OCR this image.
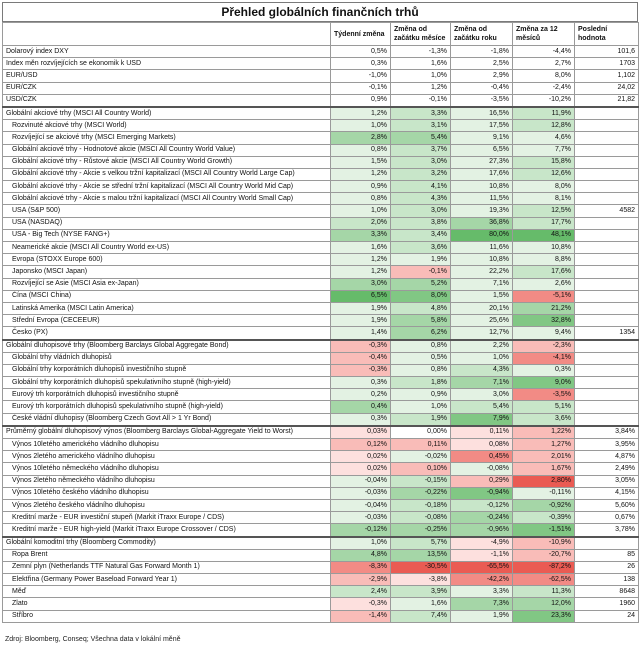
Přehled globálních finančních trhů
	Týdenní změna	Změna od začátku měsíce	Změna od začátku roku	Změna za 12 měsíců	Poslední hodnota
Dolarový index DXY	0,5%	-1,3%	-1,8%	-4,4%	101,6
Index měn rozvíjejících se ekonomik k USD	0,3%	1,6%	2,5%	2,7%	1703
EUR/USD	-1,0%	1,0%	2,9%	8,0%	1,102
EUR/CZK	-0,1%	1,2%	-0,4%	-2,4%	24,02
USD/CZK	0,9%	-0,1%	-3,5%	-10,2%	21,82
Globální akciové trhy (MSCI All Country World)	1,2%	3,3%	16,5%	11,9%	
Rozvinuté akciové trhy (MSCI World)	1,0%	3,1%	17,5%	12,8%	
Rozvíjející se akciové trhy (MSCI Emerging Markets)	2,8%	5,4%	9,1%	4,6%	
Globální akciové trhy - Hodnotové akcie (MSCI All Country World Value)	0,8%	3,7%	6,5%	7,7%	
Globální akciové trhy - Růstové akcie (MSCI All Country World Growth)	1,5%	3,0%	27,3%	15,8%	
Globální akciové trhy - Akcie s velkou tržní kapitalizací (MSCI All Country World Large Cap)	1,2%	3,2%	17,6%	12,6%	
Globální akciové trhy - Akcie se střední tržní kapitalizací (MSCI All Country World Mid Cap)	0,9%	4,1%	10,8%	8,0%	
Globální akciové trhy - Akcie s malou tržní kapitalizací (MSCI All Country World Small Cap)	0,8%	4,3%	11,5%	8,1%	
USA (S&P 500)	1,0%	3,0%	19,3%	12,5%	4582
USA (NASDAQ)	2,0%	3,8%	36,8%	17,7%	
USA - Big Tech (NYSE FANG+)	3,3%	3,4%	80,0%	48,1%	
Neamerické akcie (MSCI All Country World ex-US)	1,6%	3,6%	11,6%	10,8%	
Evropa (STOXX Europe 600)	1,2%	1,9%	10,8%	8,8%	
Japonsko (MSCI Japan)	1,2%	-0,1%	22,2%	17,6%	
Rozvíjející se Asie (MSCI Asia ex-Japan)	3,0%	5,2%	7,1%	2,6%	
Čína (MSCI China)	6,5%	8,0%	1,5%	-5,1%	
Latinská Amerika (MSCI Latin America)	1,9%	4,8%	20,1%	21,2%	
Střední Evropa (CECEEUR)	1,9%	5,8%	25,6%	32,8%	
Česko (PX)	1,4%	6,2%	12,7%	9,4%	1354
Globální dluhopisové trhy (Bloomberg Barclays Global Aggregate Bond)	-0,3%	0,8%	2,2%	-2,3%	
Globální trhy vládních dluhopisů	-0,4%	0,5%	1,0%	-4,1%	
Globální trhy korporátních dluhopisů investičního stupně	-0,3%	0,8%	4,3%	0,3%	
Globální trhy korporátních dluhopisů spekulativního stupně (high-yield)	0,3%	1,8%	7,1%	9,0%	
Eurový trh korporátních dluhopisů investičního stupně	0,2%	0,9%	3,0%	-3,5%	
Eurový trh korporátních dluhopisů spekulativního stupně (high-yield)	0,4%	1,0%	5,4%	5,1%	
České vládní dluhopisy (Bloomberg Czech Govt All > 1 Yr Bond)	0,3%	1,9%	7,9%	3,6%	
Průměrný globální dluhopisový výnos (Bloomberg Barclays Global-Aggregate Yield to Worst)	0,03%	0,00%	0,11%	1,22%	3,84%
Výnos 10letého amerického vládního dluhopisu	0,12%	0,11%	0,08%	1,27%	3,95%
Výnos 2letého amerického vládního dluhopisu	0,02%	-0,02%	0,45%	2,01%	4,87%
Výnos 10letého německého vládního dluhopisu	0,02%	0,10%	-0,08%	1,67%	2,49%
Výnos 2letého německého vládního dluhopisu	-0,04%	-0,15%	0,29%	2,80%	3,05%
Výnos 10letého českého vládního dluhopisu	-0,03%	-0,22%	-0,94%	-0,11%	4,15%
Výnos 2letého českého vládního dluhopisu	-0,04%	-0,18%	-0,12%	-0,92%	5,60%
Kreditní marže - EUR investiční stupeň (Markit iTraxx Europe / CDS)	-0,03%	-0,08%	-0,24%	-0,39%	0,67%
Kreditní marže - EUR high-yield (Markit iTraxx Europe Crossover / CDS)	-0,12%	-0,25%	-0,96%	-1,51%	3,78%
Globální komoditní trhy (Bloomberg Commodity)	1,0%	5,7%	-4,9%	-10,9%	
Ropa Brent	4,8%	13,5%	-1,1%	-20,7%	85
Zemní plyn (Netherlands TTF Natural Gas Forward Month 1)	-8,3%	-30,5%	-65,5%	-87,2%	26
Elektřina (Germany Power Baseload Forward Year 1)	-2,9%	-3,8%	-42,2%	-62,5%	138
Měď	2,4%	3,9%	3,3%	11,3%	8648
Zlato	-0,3%	1,6%	7,3%	12,0%	1960
Stříbro	-1,4%	7,4%	1,9%	23,3%	24
Zdroj: Bloomberg, Conseq; Všechna data v lokální měně
